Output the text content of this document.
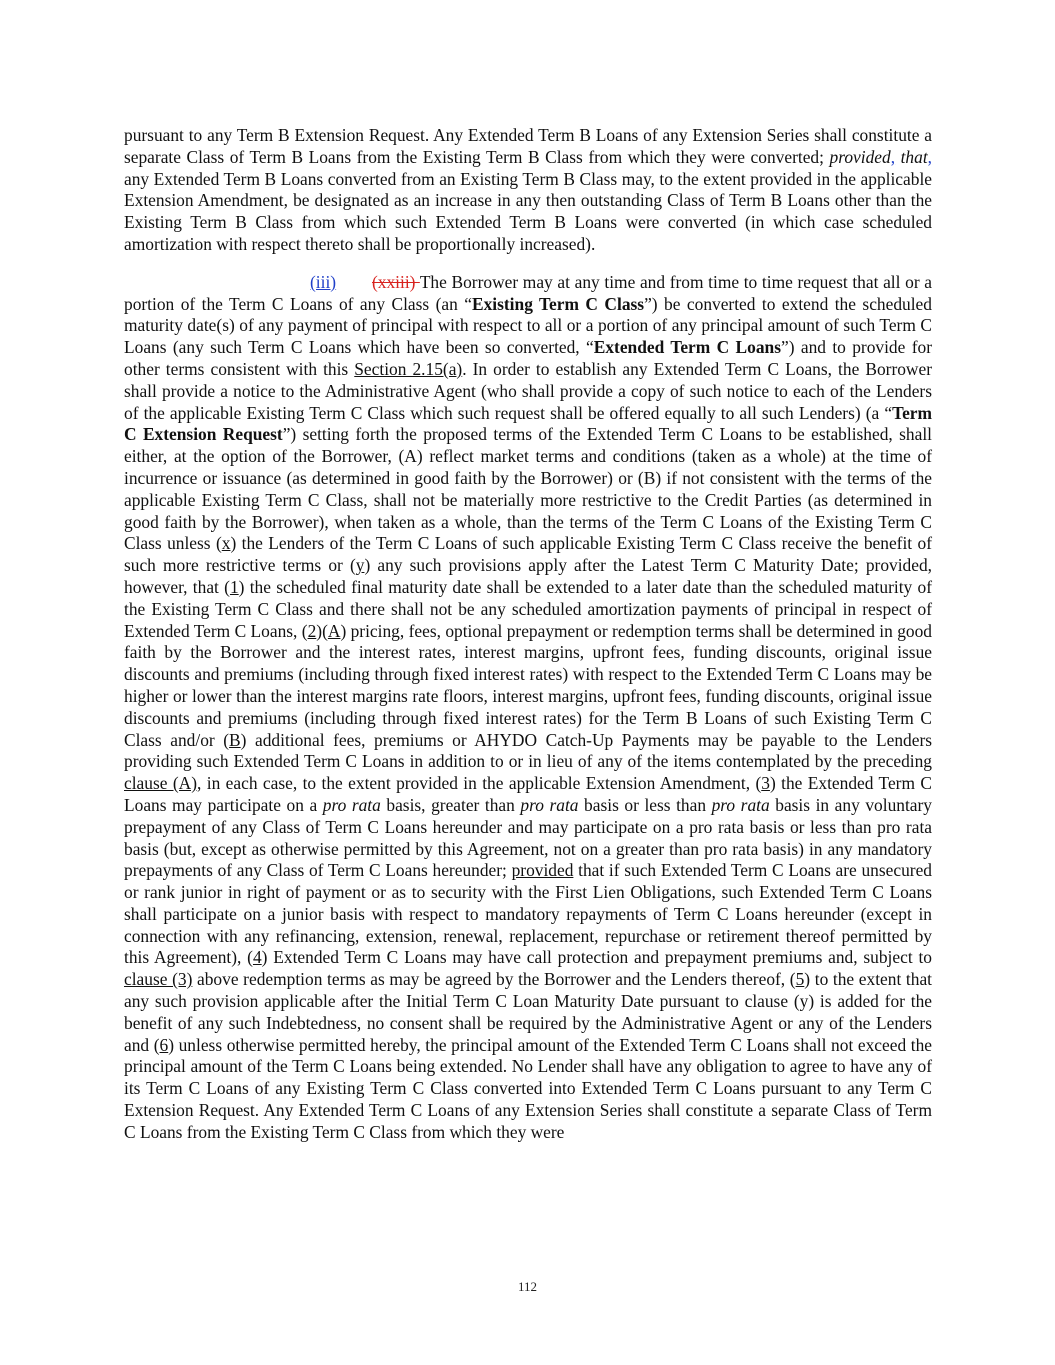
pursuant to any Term B Extension Request. Any Extended Term B Loans of any Extension Series shall constitute a separate Class of Term B Loans from the Existing Term B Class from which they were converted; provided, that, any Extended Term B Loans converted from an Existing Term B Class may, to the extent provided in the applicable Extension Amendment, be designated as an increase in any then outstanding Class of Term B Loans other than the Existing Term B Class from which such Extended Term B Loans were converted (in which case scheduled amortization with respect thereto shall be proportionally increased).

(iii) (xxiii) The Borrower may at any time and from time to time request that all or a portion of the Term C Loans of any Class (an “Existing Term C Class”) be converted to extend the scheduled maturity date(s) of any payment of principal with respect to all or a portion of any principal amount of such Term C Loans (any such Term C Loans which have been so converted, “Extended Term C Loans”) and to provide for other terms consistent with this Section 2.15(a). In order to establish any Extended Term C Loans, the Borrower shall provide a notice to the Administrative Agent (who shall provide a copy of such notice to each of the Lenders of the applicable Existing Term C Class which such request shall be offered equally to all such Lenders) (a “Term C Extension Request”) setting forth the proposed terms of the Extended Term C Loans to be established, shall either, at the option of the Borrower, (A) reflect market terms and conditions (taken as a whole) at the time of incurrence or issuance (as determined in good faith by the Borrower) or (B) if not consistent with the terms of the applicable Existing Term C Class, shall not be materially more restrictive to the Credit Parties (as determined in good faith by the Borrower), when taken as a whole, than the terms of the Term C Loans of the Existing Term C Class unless (x) the Lenders of the Term C Loans of such applicable Existing Term C Class receive the benefit of such more restrictive terms or (y) any such provisions apply after the Latest Term C Maturity Date; provided, however, that (1) the scheduled final maturity date shall be extended to a later date than the scheduled maturity of the Existing Term C Class and there shall not be any scheduled amortization payments of principal in respect of Extended Term C Loans, (2)(A) pricing, fees, optional prepayment or redemption terms shall be determined in good faith by the Borrower and the interest rates, interest margins, upfront fees, funding discounts, original issue discounts and premiums (including through fixed interest rates) with respect to the Extended Term C Loans may be higher or lower than the interest margins rate floors, interest margins, upfront fees, funding discounts, original issue discounts and premiums (including through fixed interest rates) for the Term B Loans of such Existing Term C Class and/or (B) additional fees, premiums or AHYDO Catch-Up Payments may be payable to the Lenders providing such Extended Term C Loans in addition to or in lieu of any of the items contemplated by the preceding clause (A), in each case, to the extent provided in the applicable Extension Amendment, (3) the Extended Term C Loans may participate on a pro rata basis, greater than pro rata basis or less than pro rata basis in any voluntary prepayment of any Class of Term C Loans hereunder and may participate on a pro rata basis or less than pro rata basis (but, except as otherwise permitted by this Agreement, not on a greater than pro rata basis) in any mandatory prepayments of any Class of Term C Loans hereunder; provided that if such Extended Term C Loans are unsecured or rank junior in right of payment or as to security with the First Lien Obligations, such Extended Term C Loans shall participate on a junior basis with respect to mandatory repayments of Term C Loans hereunder (except in connection with any refinancing, extension, renewal, replacement, repurchase or retirement thereof permitted by this Agreement), (4) Extended Term C Loans may have call protection and prepayment premiums and, subject to clause (3) above redemption terms as may be agreed by the Borrower and the Lenders thereof, (5) to the extent that any such provision applicable after the Initial Term C Loan Maturity Date pursuant to clause (y) is added for the benefit of any such Indebtedness, no consent shall be required by the Administrative Agent or any of the Lenders and (6) unless otherwise permitted hereby, the principal amount of the Extended Term C Loans shall not exceed the principal amount of the Term C Loans being extended. No Lender shall have any obligation to agree to have any of its Term C Loans of any Existing Term C Class converted into Extended Term C Loans pursuant to any Term C Extension Request. Any Extended Term C Loans of any Extension Series shall constitute a separate Class of Term C Loans from the Existing Term C Class from which they were

112
